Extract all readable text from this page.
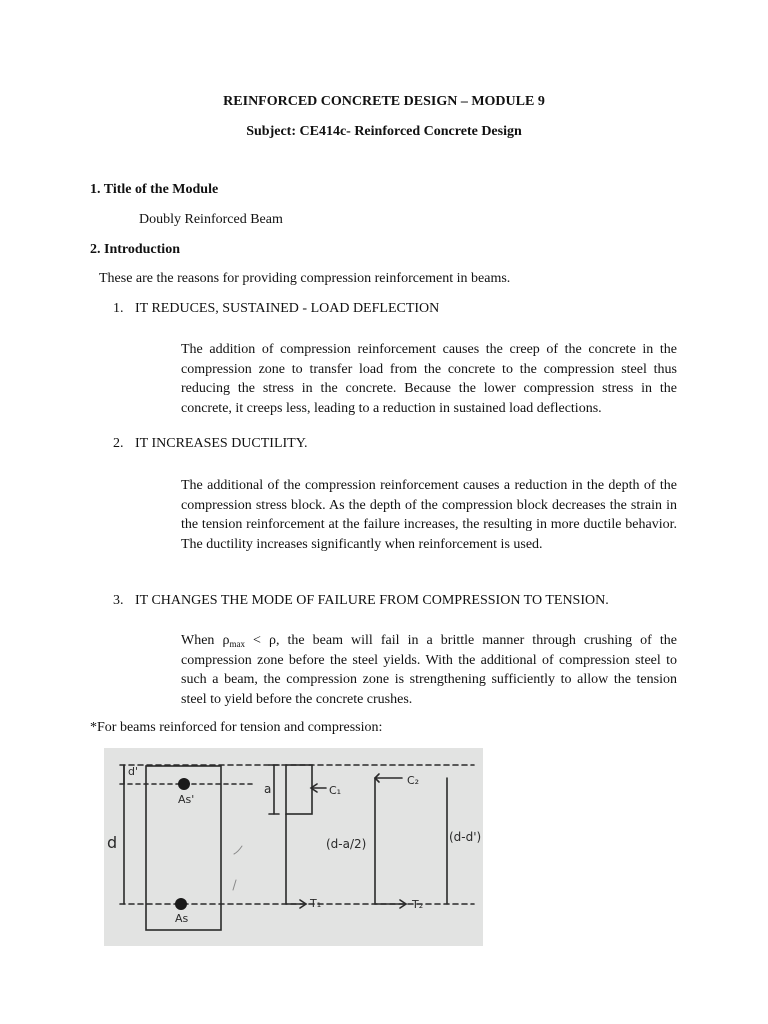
REINFORCED CONCRETE DESIGN – MODULE 9
Subject: CE414c- Reinforced Concrete Design
1. Title of the Module
Doubly Reinforced Beam
2. Introduction
These are the reasons for providing compression reinforcement in beams.
1. IT REDUCES, SUSTAINED - LOAD DEFLECTION
The addition of compression reinforcement causes the creep of the concrete in the compression zone to transfer load from the concrete to the compression steel thus reducing the stress in the concrete. Because the lower compression stress in the concrete, it creeps less, leading to a reduction in sustained load deflections.
2. IT INCREASES DUCTILITY.
The additional of the compression reinforcement causes a reduction in the depth of the compression stress block. As the depth of the compression block decreases the strain in the tension reinforcement at the failure increases, the resulting in more ductile behavior. The ductility increases significantly when reinforcement is used.
3. IT CHANGES THE MODE OF FAILURE FROM COMPRESSION TO TENSION.
When $\rho_{max} < \rho$, the beam will fail in a brittle manner through crushing of the compression zone before the steel yields. With the additional of compression steel to such a beam, the compression zone is strengthening sufficiently to allow the tension steel to yield before the concrete crushes.
*For beams reinforced for tension and compression:
d'
As'
d
As
a	C₁
C₂
T₁	T₂
(d-a/2)	(d-d')
